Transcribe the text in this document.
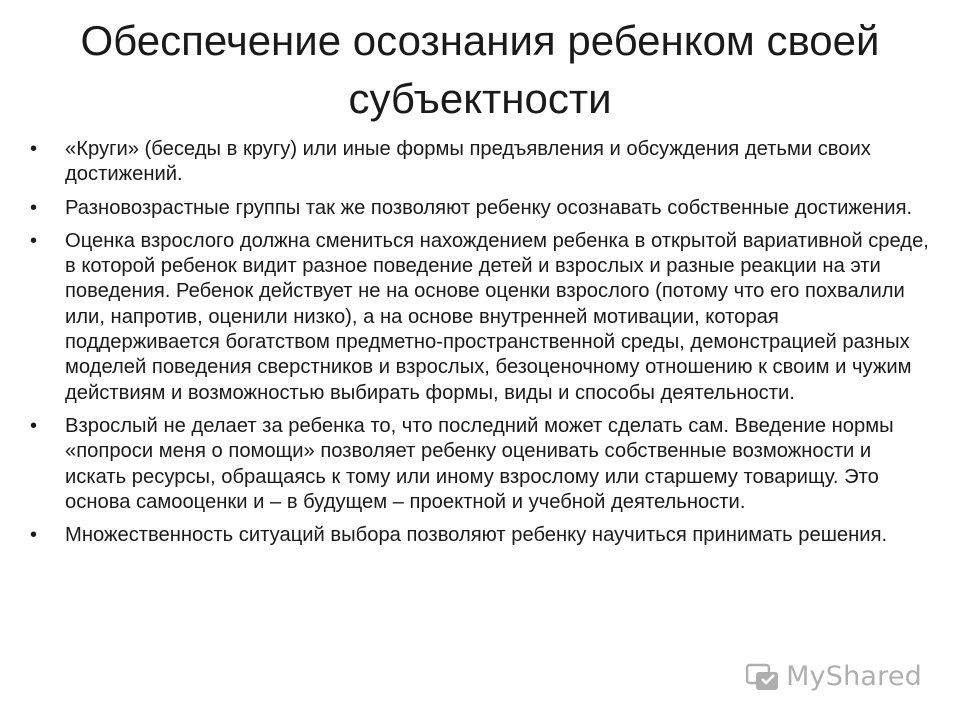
Обеспечение осознания ребенком своей субъектности
•	«Круги» (беседы в кругу) или иные формы предъявления и обсуждения детьми своих достижений.
•	Разновозрастные группы так же позволяют ребенку осознавать собственные достижения.
•	Оценка взрослого должна смениться нахождением ребенка в открытой вариативной среде, в которой ребенок видит разное поведение детей и взрослых и разные реакции на эти поведения. Ребенок действует не на основе оценки взрослого (потому что его похвалили или, напротив, оценили низко), а на основе внутренней мотивации, которая поддерживается богатством предметно-пространственной среды, демонстрацией разных моделей поведения сверстников и взрослых, безоценочному отношению к своим и чужим действиям и возможностью выбирать формы, виды и способы деятельности.
•	Взрослый не делает за ребенка то, что последний может сделать сам. Введение нормы «попроси меня о помощи» позволяет ребенку оценивать собственные возможности и искать ресурсы, обращаясь к тому или иному взрослому или старшему товарищу. Это основа самооценки и – в будущем – проектной и учебной деятельности.
•	Множественность ситуаций выбора позволяют ребенку научиться принимать решения.
MyShared
